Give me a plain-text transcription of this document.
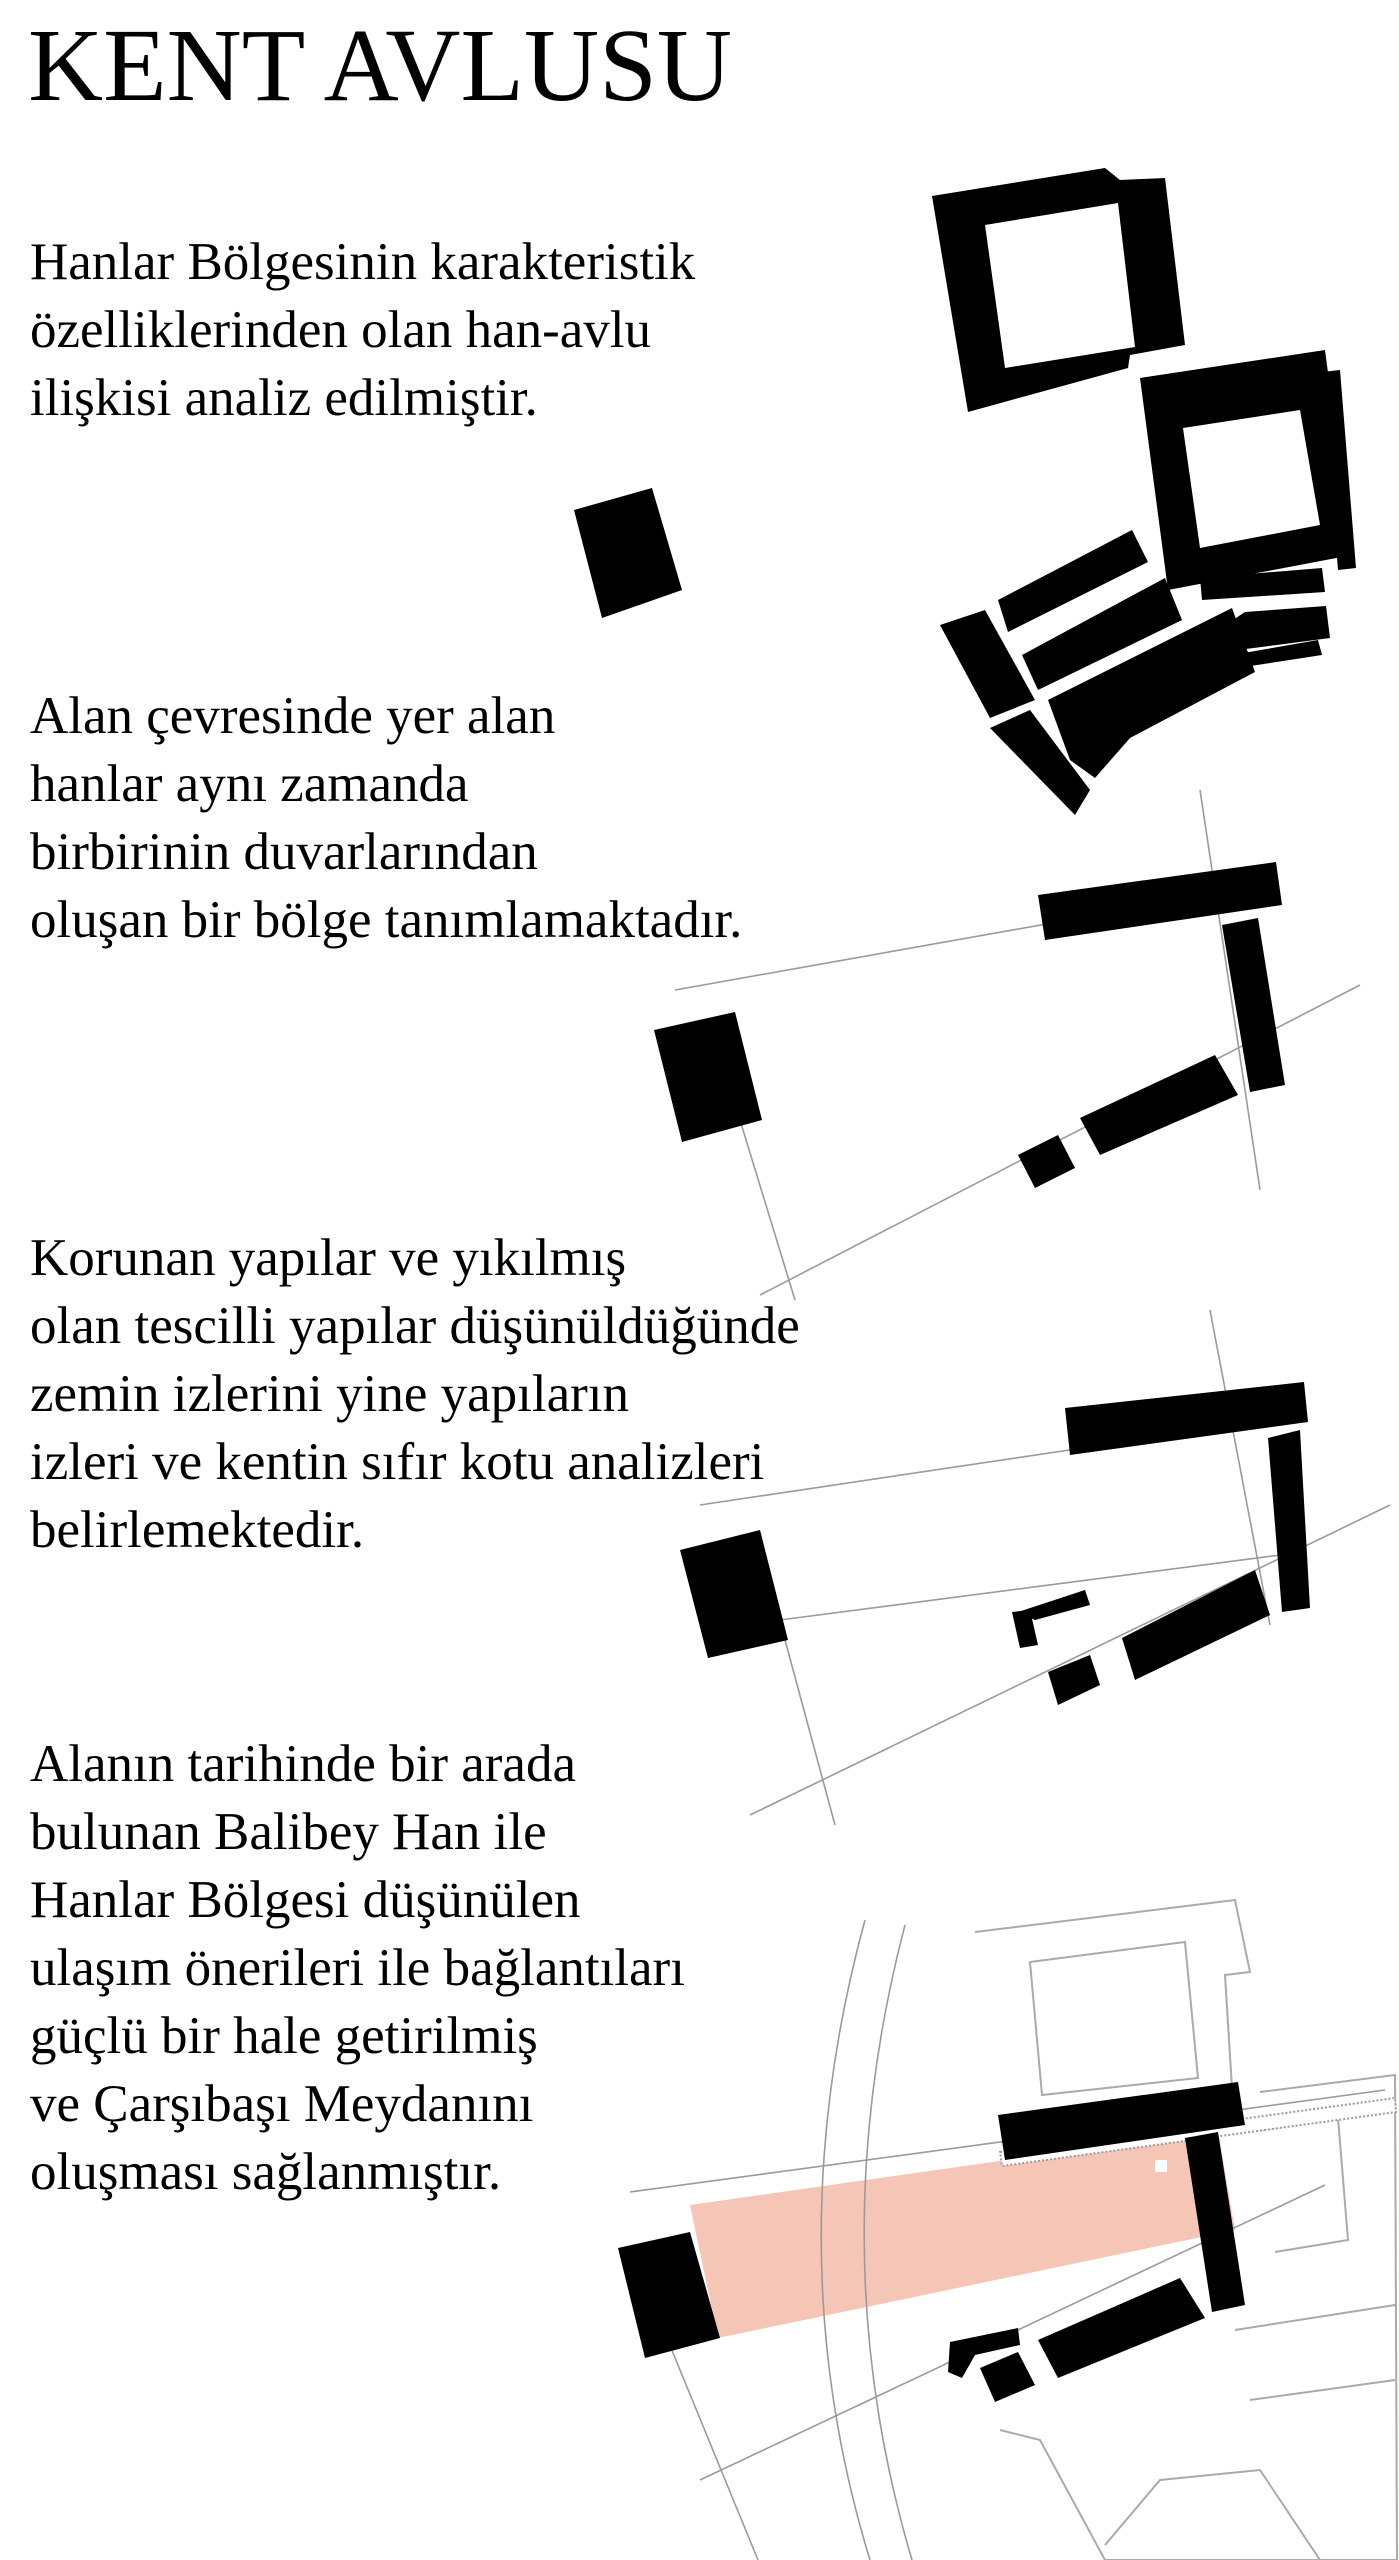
KENT AVLUSU

Hanlar Bölgesinin karakteristik
özelliklerinden olan han-avlu
ilişkisi analiz edilmiştir.

Alan çevresinde yer alan
hanlar aynı zamanda
birbirinin duvarlarından
oluşan bir bölge tanımlamaktadır.

Korunan yapılar ve yıkılmış
olan tescilli yapılar düşünüldüğünde
zemin izlerini yine yapıların
izleri ve kentin sıfır kotu analizleri
belirlemektedir.

Alanın tarihinde bir arada
bulunan Balibey Han ile
Hanlar Bölgesi düşünülen
ulaşım önerileri ile bağlantıları
güçlü bir hale getirilmiş
ve Çarşıbaşı Meydanını
oluşması sağlanmıştır.
